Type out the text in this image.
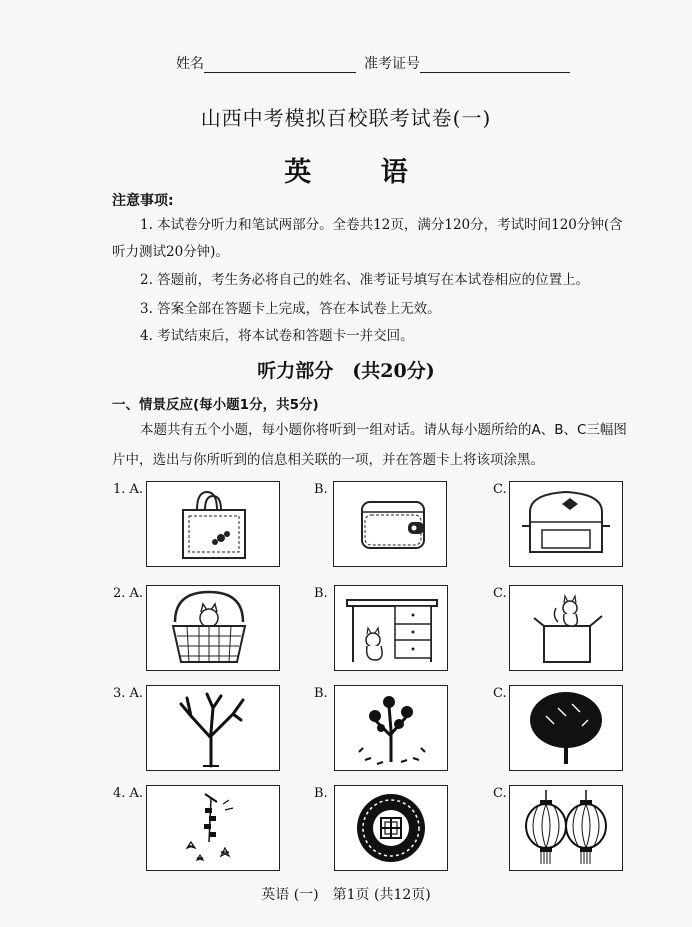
姓名	准考证号
山西中考模拟百校联考试卷(一)
英 语
注意事项:
1. 本试卷分听力和笔试两部分。全卷共12页，满分120分，考试时间120分钟(含
听力测试20分钟)。
2. 答题前，考生务必将自己的姓名、准考证号填写在本试卷相应的位置上。
3. 答案全部在答题卡上完成，答在本试卷上无效。
4. 考试结束后，将本试卷和答题卡一并交回。
听力部分　(共20分)
一、情景反应(每小题1分，共5分)
本题共有五个小题，每小题你将听到一组对话。请从每小题所给的A、B、C三幅图
片中，选出与你所听到的信息相关联的一项，并在答题卡上将该项涂黑。
1. A.	B.	C.
2. A.	B.	C.
3. A.	B.	C.
4. A.	B.	C.
英语 (一)　第1页 (共12页)
